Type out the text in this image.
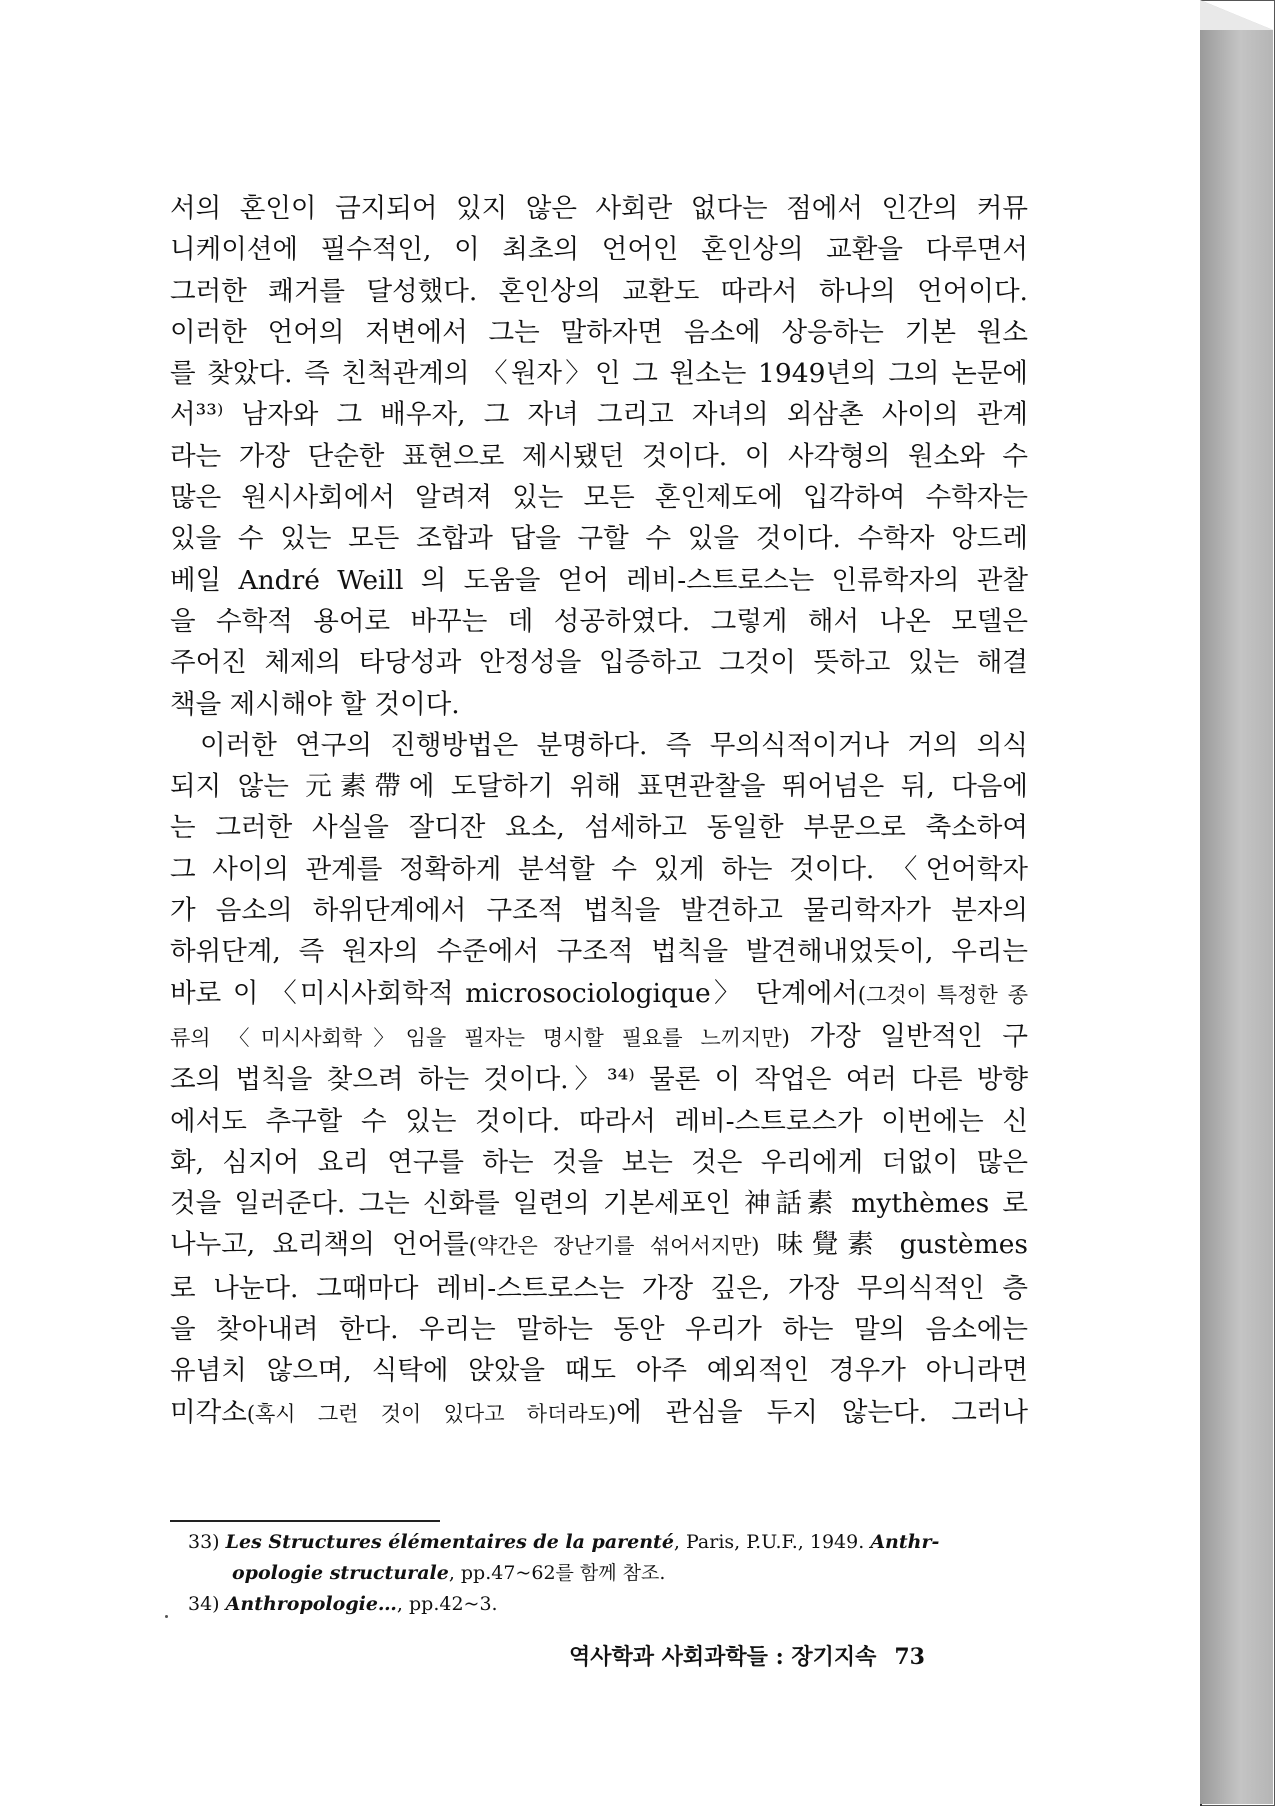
서의 혼인이 금지되어 있지 않은 사회란 없다는 점에서 인간의 커뮤
니케이션에 필수적인, 이 최초의 언어인 혼인상의 교환을 다루면서
그러한 쾌거를 달성했다. 혼인상의 교환도 따라서 하나의 언어이다.
이러한 언어의 저변에서 그는 말하자면 음소에 상응하는 기본 원소
를 찾았다. 즉 친척관계의 〈원자〉인 그 원소는 1949년의 그의 논문에
서³³⁾ 남자와 그 배우자, 그 자녀 그리고 자녀의 외삼촌 사이의 관계
라는 가장 단순한 표현으로 제시됐던 것이다. 이 사각형의 원소와 수
많은 원시사회에서 알려져 있는 모든 혼인제도에 입각하여 수학자는
있을 수 있는 모든 조합과 답을 구할 수 있을 것이다. 수학자 앙드레
베일 André Weill 의 도움을 얻어 레비-스트로스는 인류학자의 관찰
을 수학적 용어로 바꾸는 데 성공하였다. 그렇게 해서 나온 모델은
주어진 체제의 타당성과 안정성을 입증하고 그것이 뜻하고 있는 해결
책을 제시해야 할 것이다.
이러한 연구의 진행방법은 분명하다. 즉 무의식적이거나 거의 의식
되지 않는 元素帶에 도달하기 위해 표면관찰을 뛰어넘은 뒤, 다음에
는 그러한 사실을 잘디잔 요소, 섬세하고 동일한 부문으로 축소하여
그 사이의 관계를 정확하게 분석할 수 있게 하는 것이다. 〈언어학자
가 음소의 하위단계에서 구조적 법칙을 발견하고 물리학자가 분자의
하위단계, 즉 원자의 수준에서 구조적 법칙을 발견해내었듯이, 우리는
바로 이 〈미시사회학적 microsociologique〉 단계에서(그것이 특정한 종
류의 〈미시사회학〉임을 필자는 명시할 필요를 느끼지만) 가장 일반적인 구
조의 법칙을 찾으려 하는 것이다.〉³⁴⁾ 물론 이 작업은 여러 다른 방향
에서도 추구할 수 있는 것이다. 따라서 레비-스트로스가 이번에는 신
화, 심지어 요리 연구를 하는 것을 보는 것은 우리에게 더없이 많은
것을 일러준다. 그는 신화를 일련의 기본세포인 神話素 mythèmes 로
나누고, 요리책의 언어를(약간은 장난기를 섞어서지만) 味覺素 gustèmes
로 나눈다. 그때마다 레비-스트로스는 가장 깊은, 가장 무의식적인 층
을 찾아내려 한다. 우리는 말하는 동안 우리가 하는 말의 음소에는
유념치 않으며, 식탁에 앉았을 때도 아주 예외적인 경우가 아니라면
미각소(혹시 그런 것이 있다고 하더라도)에 관심을 두지 않는다. 그러나
33) Les Structures élémentaires de la parenté, Paris, P.U.F., 1949. Anthr-
opologie structurale, pp.47~62를 함께 참조.
34) Anthropologie…, pp.42~3.
역사학과 사회과학들 : 장기지속 73
